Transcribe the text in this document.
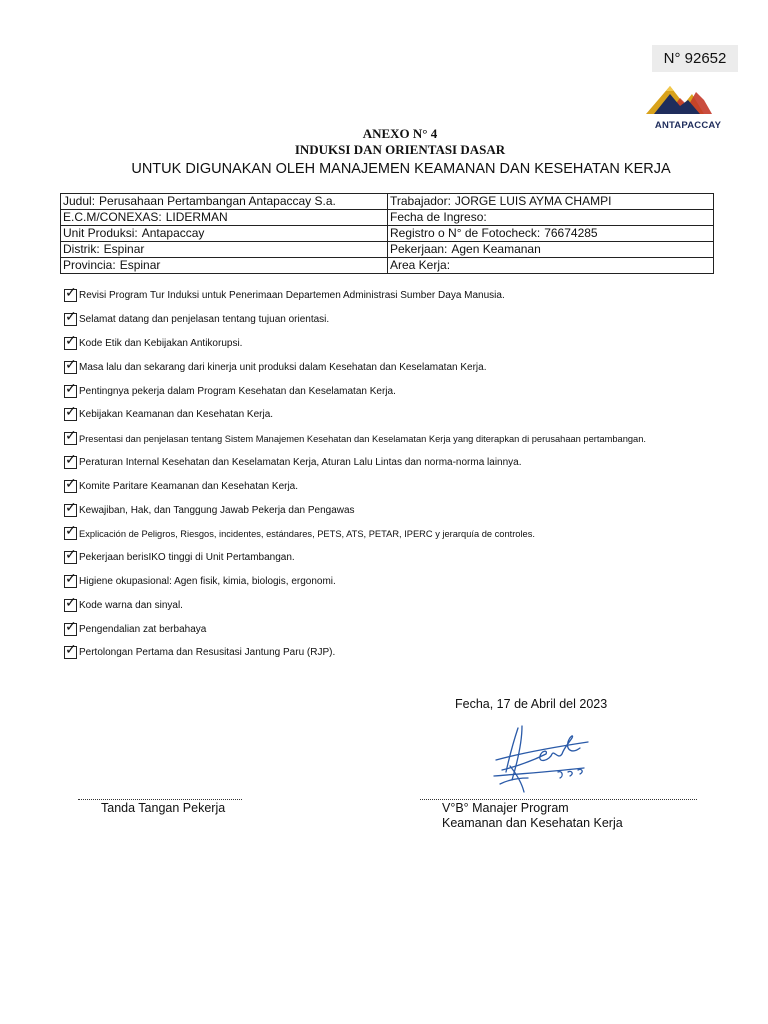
N° 92652
ANTAPACCAY
ANEXO N° 4
INDUKSI DAN ORIENTASI DASAR
UNTUK DIGUNAKAN OLEH MANAJEMEN KEAMANAN DAN KESEHATAN KERJA
Judul: Perusahaan Pertambangan Antapaccay S.a.	Trabajador: JORGE LUIS AYMA CHAMPI
E.C.M/CONEXAS: LIDERMAN	Fecha de Ingreso:
Unit Produksi: Antapaccay	Registro o N° de Fotocheck: 76674285
Distrik: Espinar	Pekerjaan: Agen Keamanan
Provincia: Espinar	Area Kerja:
✓ Revisi Program Tur Induksi untuk Penerimaan Departemen Administrasi Sumber Daya Manusia.
✓ Selamat datang dan penjelasan tentang tujuan orientasi.
✓ Kode Etik dan Kebijakan Antikorupsi.
✓ Masa lalu dan sekarang dari kinerja unit produksi dalam Kesehatan dan Keselamatan Kerja.
✓ Pentingnya pekerja dalam Program Kesehatan dan Keselamatan Kerja.
✓ Kebijakan Keamanan dan Kesehatan Kerja.
✓ Presentasi dan penjelasan tentang Sistem Manajemen Kesehatan dan Keselamatan Kerja yang diterapkan di perusahaan pertambangan.
✓ Peraturan Internal Kesehatan dan Keselamatan Kerja, Aturan Lalu Lintas dan norma-norma lainnya.
✓ Komite Paritare Keamanan dan Kesehatan Kerja.
✓ Kewajiban, Hak, dan Tanggung Jawab Pekerja dan Pengawas
✓ Explicación de Peligros, Riesgos, incidentes, estándares, PETS, ATS, PETAR, IPERC y jerarquía de controles.
✓ Pekerjaan berisIKO tinggi di Unit Pertambangan.
✓ Higiene okupasional: Agen fisik, kimia, biologis, ergonomi.
✓ Kode warna dan sinyal.
✓ Pengendalian zat berbahaya
✓ Pertolongan Pertama dan Resusitasi Jantung Paru (RJP).
Fecha, 17 de Abril del 2023
Tanda Tangan Pekerja	V°B° Manajer Program
Keamanan dan Kesehatan Kerja
